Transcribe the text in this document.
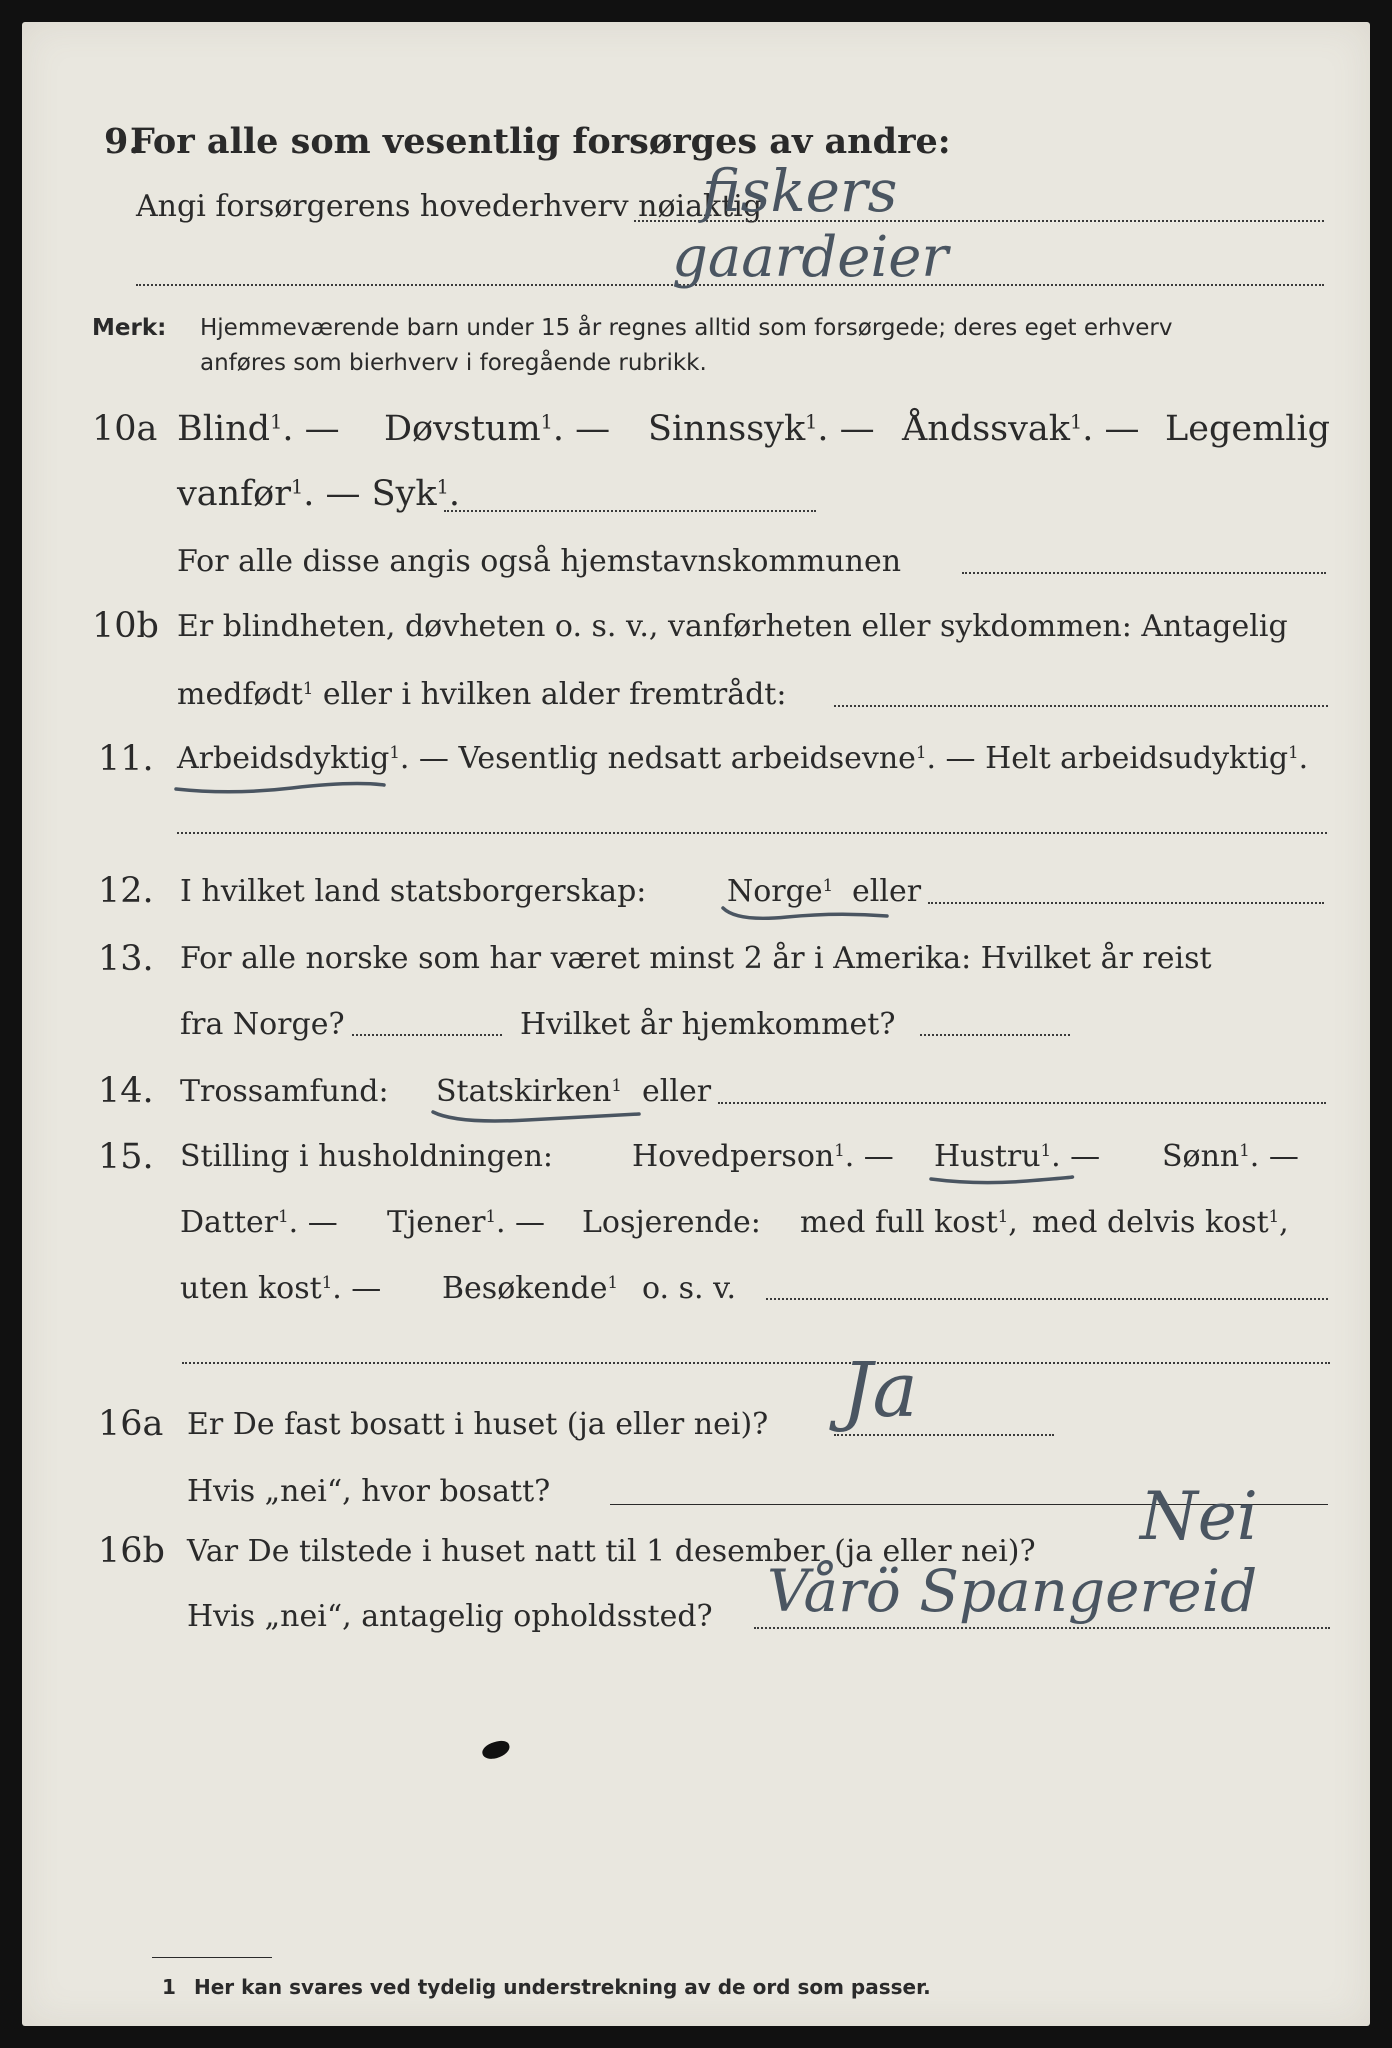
9.
For alle som vesentlig forsørges av andre:
Angi forsørgerens hovederhverv nøiaktig
fiskers
gaardeier
Merk: Hjemmeværende barn under 15 år regnes alltid som forsørgede; deres eget erhverv
anføres som bierhverv i foregående rubrikk.
10a Blind$^1$. — Døvstum$^1$. — Sinnssyk$^1$. — Åndssvak$^1$. — Legemlig
vanfør$^1$. — Syk$^1$.
For alle disse angis også hjemstavnskommunen
10b Er blindheten, døvheten o. s. v., vanførheten eller sykdommen: Antagelig
medfødt$^1$ eller i hvilken alder fremtrådt:
11. Arbeidsdyktig$^1$. — Vesentlig nedsatt arbeidsevne$^1$. — Helt arbeidsudyktig$^1$.
12. I hvilket land statsborgerskap:	Norge$^1$ eller
13. For alle norske som har været minst 2 år i Amerika: Hvilket år reist
fra Norge?	Hvilket år hjemkommet?
14. Trossamfund: Statskirken$^1$ eller
15. Stilling i husholdningen:	Hovedperson$^1$. — Hustru$^1$. — Sønn$^1$. —
Datter$^1$. — Tjener$^1$. — Losjerende: med full kost$^1$, med delvis kost$^1$,
uten kost$^1$. — Besøkende$^1$ o. s. v.
16a Er De fast bosatt i huset (ja eller nei)? Ja
Hvis „nei“, hvor bosatt?
16b Var De tilstede i huset natt til 1 desember (ja eller nei)? Nei
Hvis „nei“, antagelig opholdssted? Vårö Spangereid
1 Her kan svares ved tydelig understrekning av de ord som passer.
